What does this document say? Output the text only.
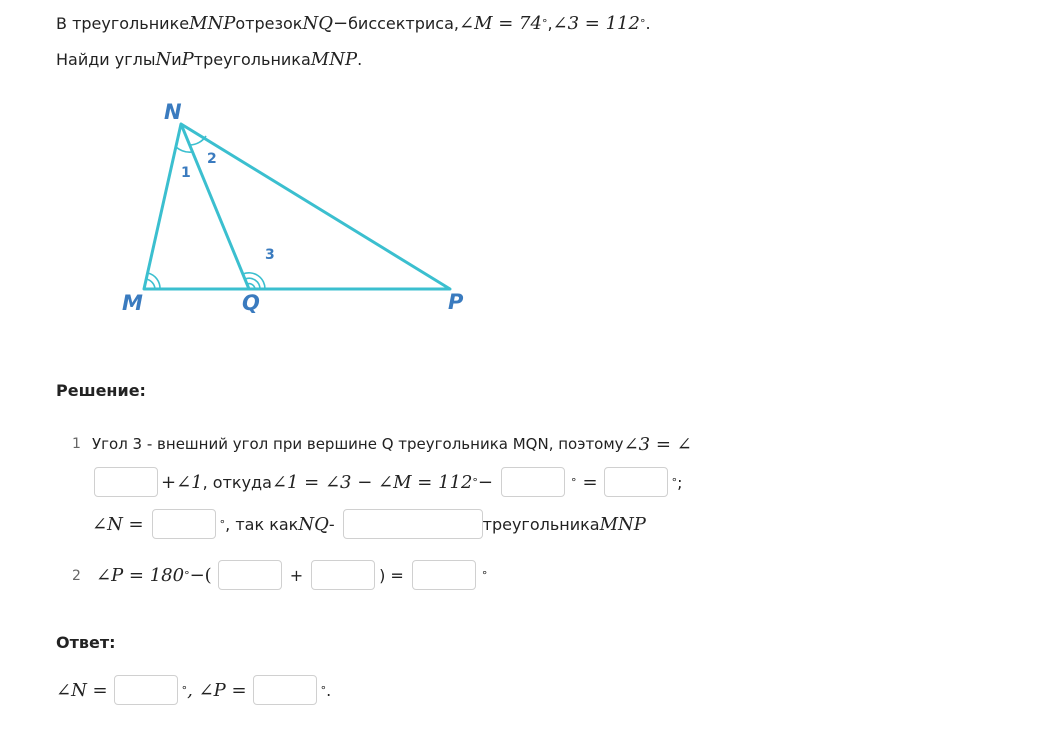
В треугольнике MNP отрезок NQ − биссектриса, ∠M = 74 ° , ∠3 = 112 ° .
Найди углы N и P треугольника MNP .
N
M	Q	P
1
2
3
Решение:
1 Угол 3 - внешний угол при вершине Q треугольника MQN, поэтому ∠3 = ∠
+∠1 , откуда ∠1 = ∠3 − ∠M = 112 ° −	° =	° ;
∠N =	° , так как NQ -	треугольника MNP
2 ∠P = 180 ° −(	+	) =	°
Ответ:
∠N =	° , ∠P =	° .
